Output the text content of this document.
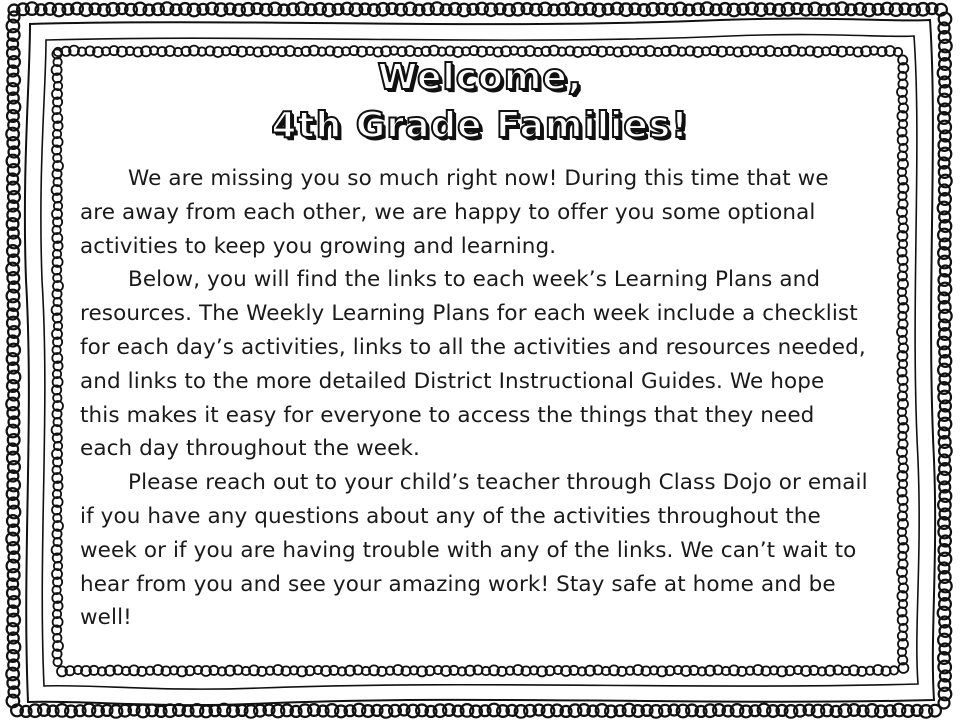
Welcome,
4th Grade Families!

We are missing you so much right now! During this time that we are away from each other, we are happy to offer you some optional activities to keep you growing and learning.

Below, you will find the links to each week’s Learning Plans and resources. The Weekly Learning Plans for each week include a checklist for each day’s activities, links to all the activities and resources needed, and links to the more detailed District Instructional Guides. We hope this makes it easy for everyone to access the things that they need each day throughout the week.

Please reach out to your child’s teacher through Class Dojo or email if you have any questions about any of the activities throughout the week or if you are having trouble with any of the links. We can’t wait to hear from you and see your amazing work! Stay safe at home and be well!
